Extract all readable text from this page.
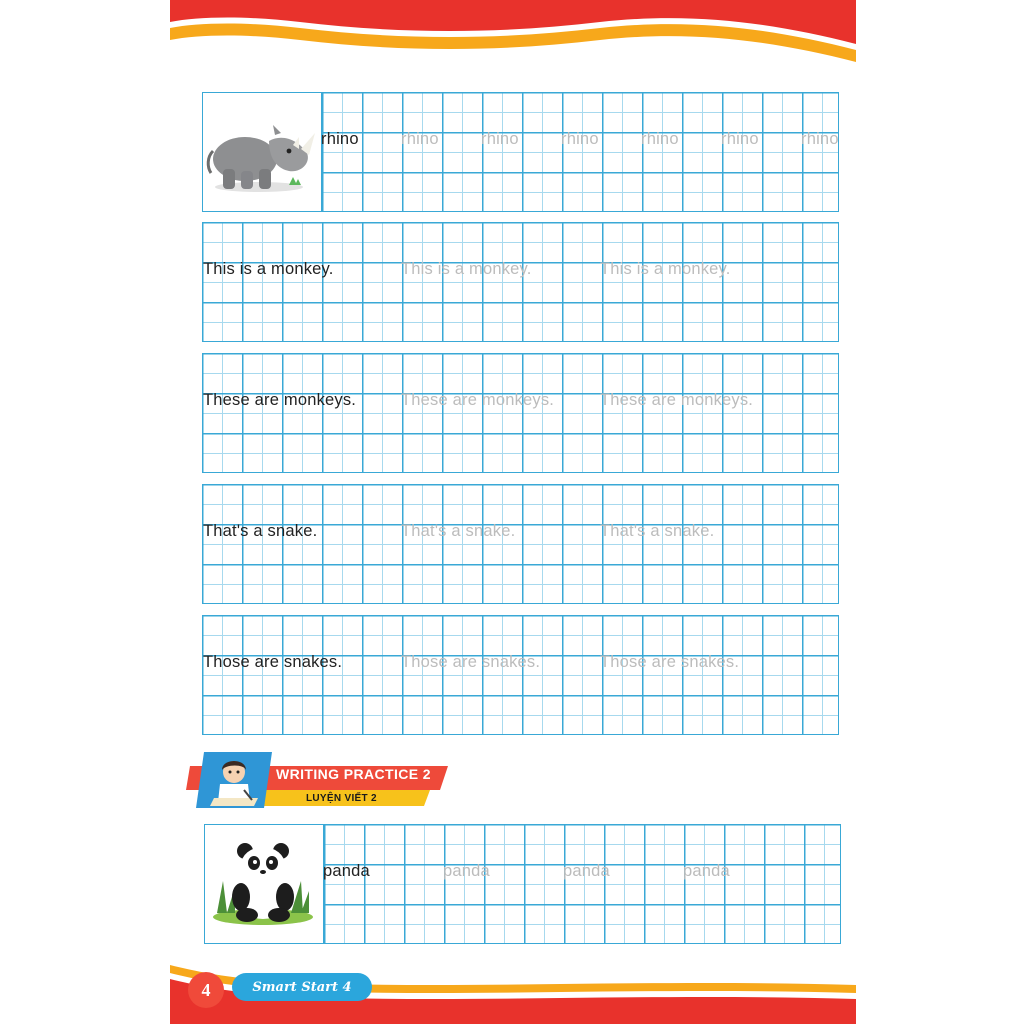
rhino	rhino	rhino	rhino	rhino	rhino	rhino
This is a monkey.	This is a monkey.	This is a monkey.
These are monkeys.	These are monkeys.	These are monkeys.
That's a snake.	That's a snake.	That's a snake.
Those are snakes.	Those are snakes.	Those are snakes.
WRITING PRACTICE 2
LUYỆN VIẾT 2
panda	panda	panda	panda
4	Smart Start 4
